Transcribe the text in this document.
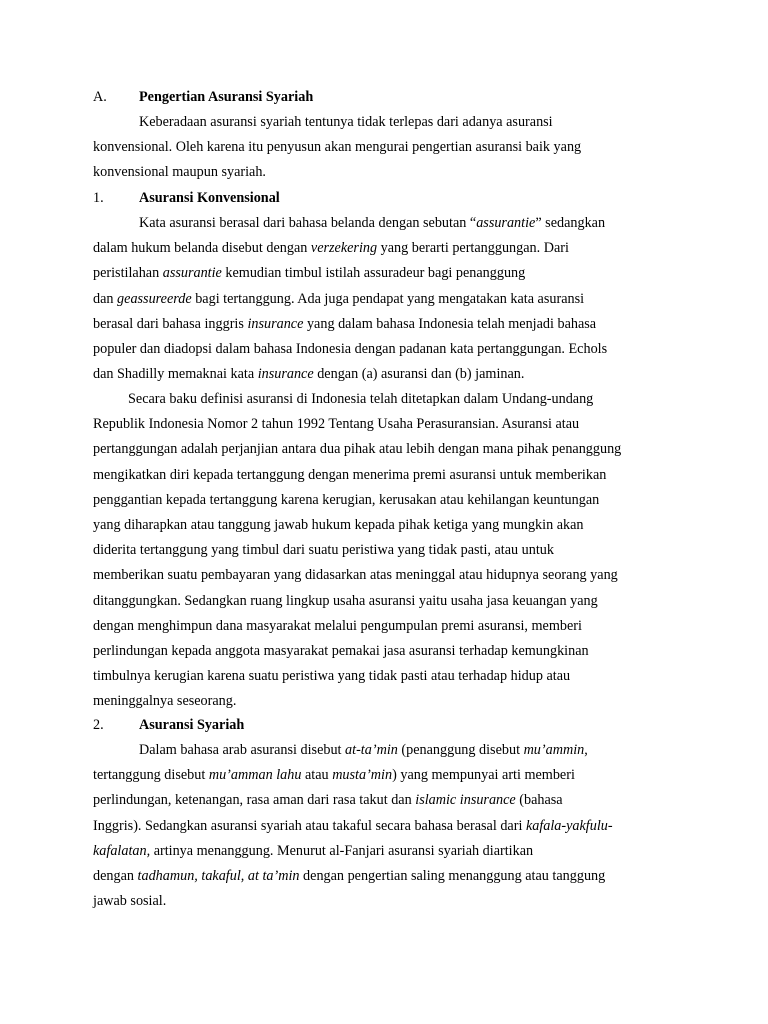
A. Pengertian Asuransi Syariah
Keberadaan asuransi syariah tentunya tidak terlepas dari adanya asuransi
konvensional. Oleh karena itu penyusun akan mengurai pengertian asuransi baik yang
konvensional maupun syariah.
1. Asuransi Konvensional
Kata asuransi berasal dari bahasa belanda dengan sebutan “assurantie” sedangkan
dalam hukum belanda disebut dengan verzekering yang berarti pertanggungan. Dari
peristilahan assurantie kemudian timbul istilah assuradeur bagi penanggung
dan geassureerde bagi tertanggung. Ada juga pendapat yang mengatakan kata asuransi
berasal dari bahasa inggris insurance yang dalam bahasa Indonesia telah menjadi bahasa
populer dan diadopsi dalam bahasa Indonesia dengan padanan kata pertanggungan. Echols
dan Shadilly memaknai kata insurance dengan (a) asuransi dan (b) jaminan.
Secara baku definisi asuransi di Indonesia telah ditetapkan dalam Undang-undang
Republik Indonesia Nomor 2 tahun 1992 Tentang Usaha Perasuransian. Asuransi atau
pertanggungan adalah perjanjian antara dua pihak atau lebih dengan mana pihak penanggung
mengikatkan diri kepada tertanggung dengan menerima premi asuransi untuk memberikan
penggantian kepada tertanggung karena kerugian, kerusakan atau kehilangan keuntungan
yang diharapkan atau tanggung jawab hukum kepada pihak ketiga yang mungkin akan
diderita tertanggung yang timbul dari suatu peristiwa yang tidak pasti, atau untuk
memberikan suatu pembayaran yang didasarkan atas meninggal atau hidupnya seorang yang
ditanggungkan. Sedangkan ruang lingkup usaha asuransi yaitu usaha jasa keuangan yang
dengan menghimpun dana masyarakat melalui pengumpulan premi asuransi, memberi
perlindungan kepada anggota masyarakat pemakai jasa asuransi terhadap kemungkinan
timbulnya kerugian karena suatu peristiwa yang tidak pasti atau terhadap hidup atau
meninggalnya seseorang.
2. Asuransi Syariah
Dalam bahasa arab asuransi disebut at-ta’min (penanggung disebut mu’ammin,
tertanggung disebut mu’amman lahu atau musta’min) yang mempunyai arti memberi
perlindungan, ketenangan, rasa aman dari rasa takut dan islamic insurance (bahasa
Inggris). Sedangkan asuransi syariah atau takaful secara bahasa berasal dari kafala-yakfulu-
kafalatan, artinya menanggung. Menurut al-Fanjari asuransi syariah diartikan
dengan tadhamun, takaful, at ta’min dengan pengertian saling menanggung atau tanggung
jawab sosial.
